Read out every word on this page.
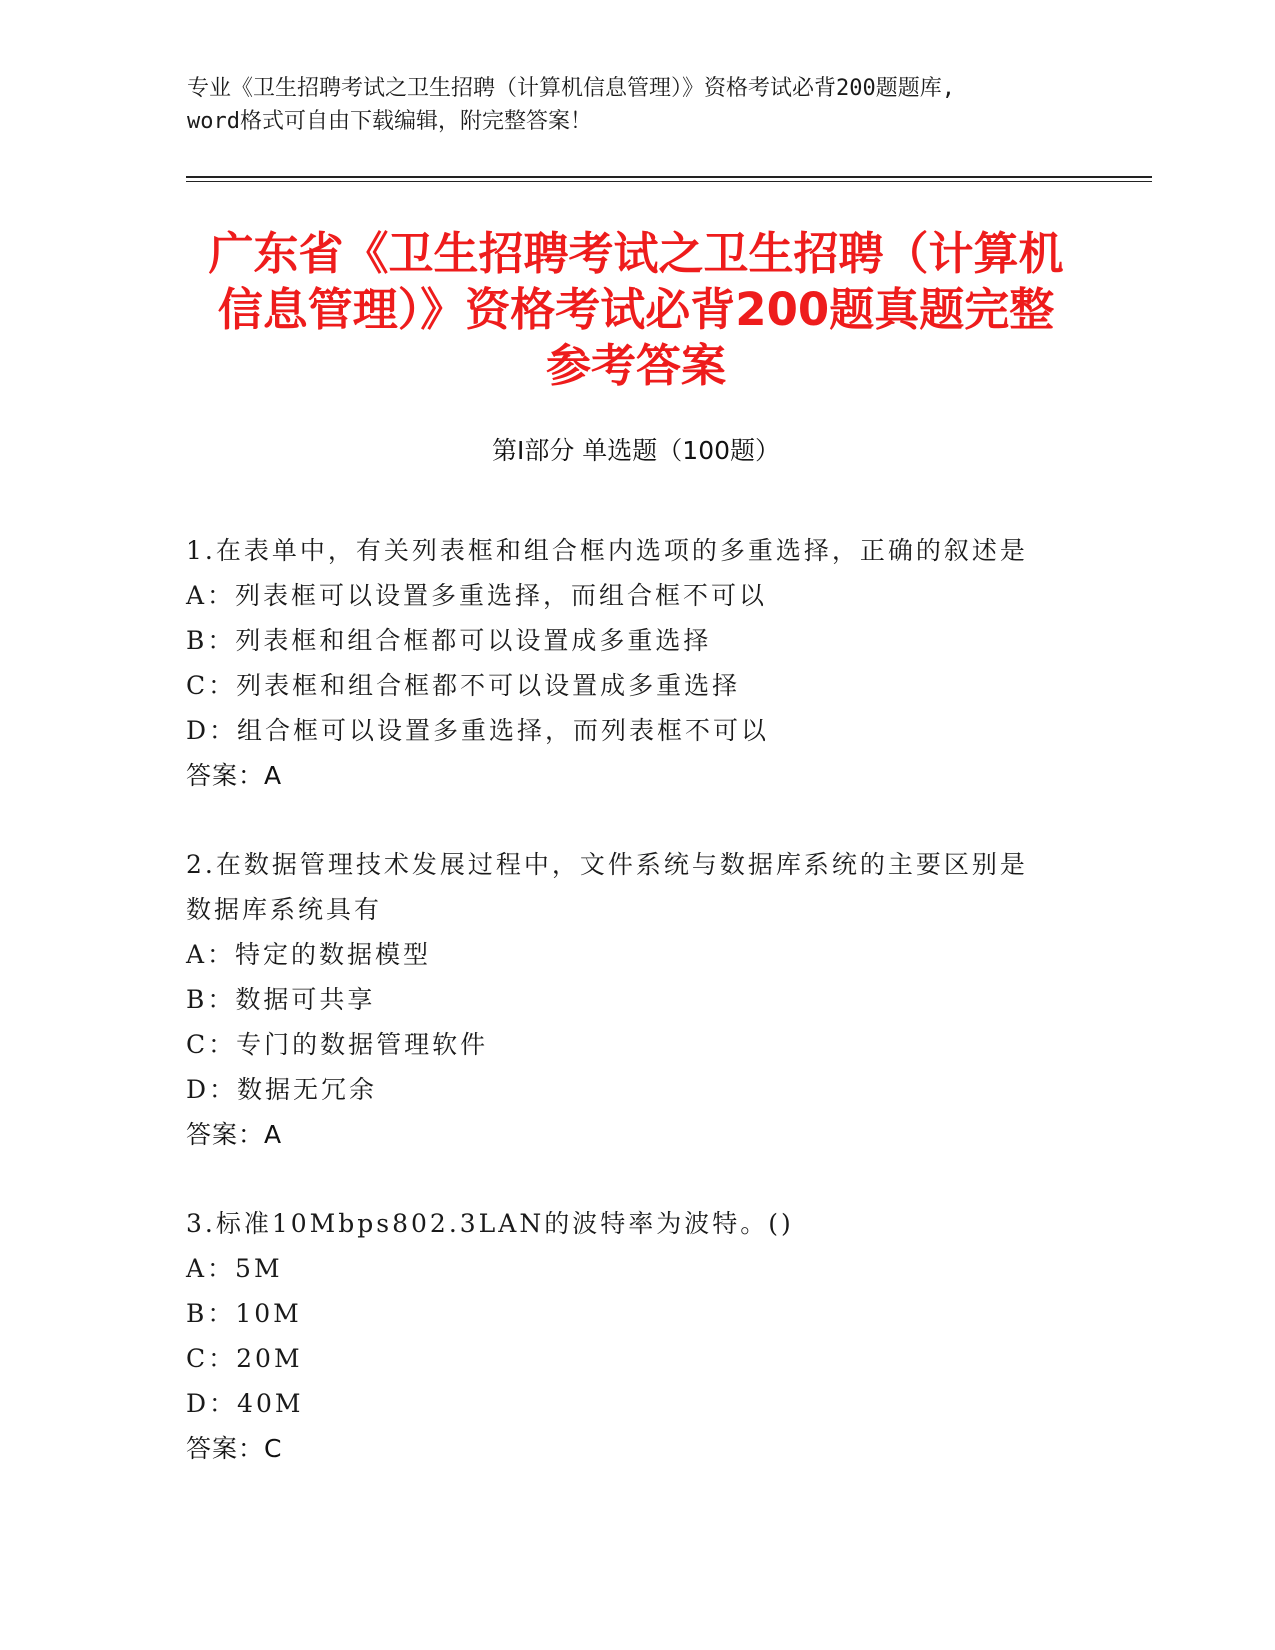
专业《卫生招聘考试之卫生招聘（计算机信息管理）》资格考试必背200题题库,
word格式可自由下载编辑，附完整答案！
广东省《卫生招聘考试之卫生招聘（计算机
信息管理）》资格考试必背200题真题完整
参考答案
第I部分 单选题（100题）
1.在表单中，有关列表框和组合框内选项的多重选择，正确的叙述是
A：列表框可以设置多重选择，而组合框不可以
B：列表框和组合框都可以设置成多重选择
C：列表框和组合框都不可以设置成多重选择
D：组合框可以设置多重选择，而列表框不可以
答案：A
2.在数据管理技术发展过程中，文件系统与数据库系统的主要区别是
数据库系统具有
A：特定的数据模型
B：数据可共享
C：专门的数据管理软件
D：数据无冗余
答案：A
3.标准10Mbps802.3LAN的波特率为波特。()
A：5M
B：10M
C：20M
D：40M
答案：C
